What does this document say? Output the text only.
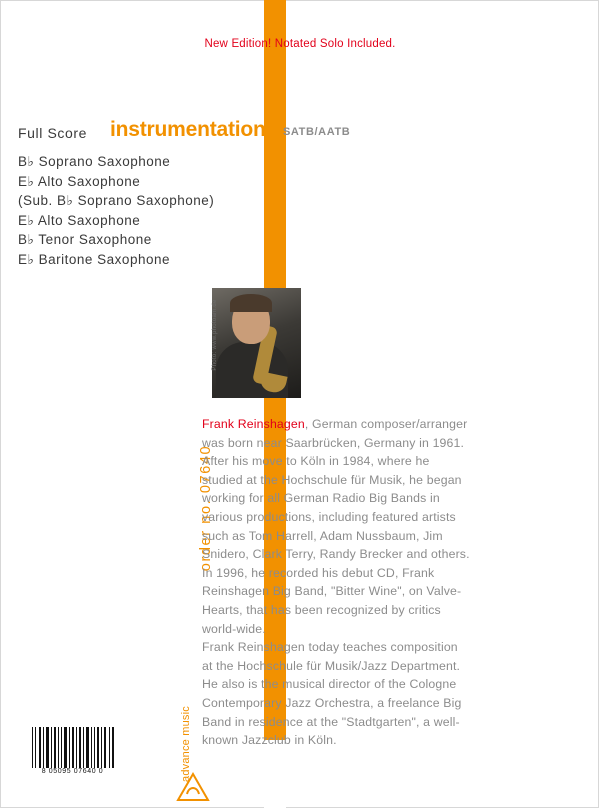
New Edition! Notated Solo Included.
Full Score instrumentation SATB/AATB
B♭ Soprano Saxophone
E♭ Alto Saxophone
(Sub. B♭ Soprano Saxophone)
E♭ Alto Saxophone
B♭ Tenor Saxophone
E♭ Baritone Saxophone
Photo: www.photoam.de
order no. 07640

Frank Reinshagen, German composer/arranger was born near Saarbrücken, Germany in 1961. After his move to Köln in 1984, where he studied at the Hochschule für Musik, he began working for all German Radio Big Bands in various productions, including featured artists such as Tom Harrell, Adam Nussbaum, Jim Snidero, Clark Terry, Randy Brecker and others. In 1996, he recorded his debut CD, Frank Reinshagen Big Band, "Bitter Wine", on Valve-Hearts, that has been recognized by critics world-wide.

Frank Reinshagen today teaches composition at the Hochschule für Musik/Jazz Department. He also is the musical director of the Cologne Contemporary Jazz Orchestra, a freelance Big Band in residence at the "Stadtgarten", a well-known Jazzclub in Köln.

8 05095 07640 0	advance music
